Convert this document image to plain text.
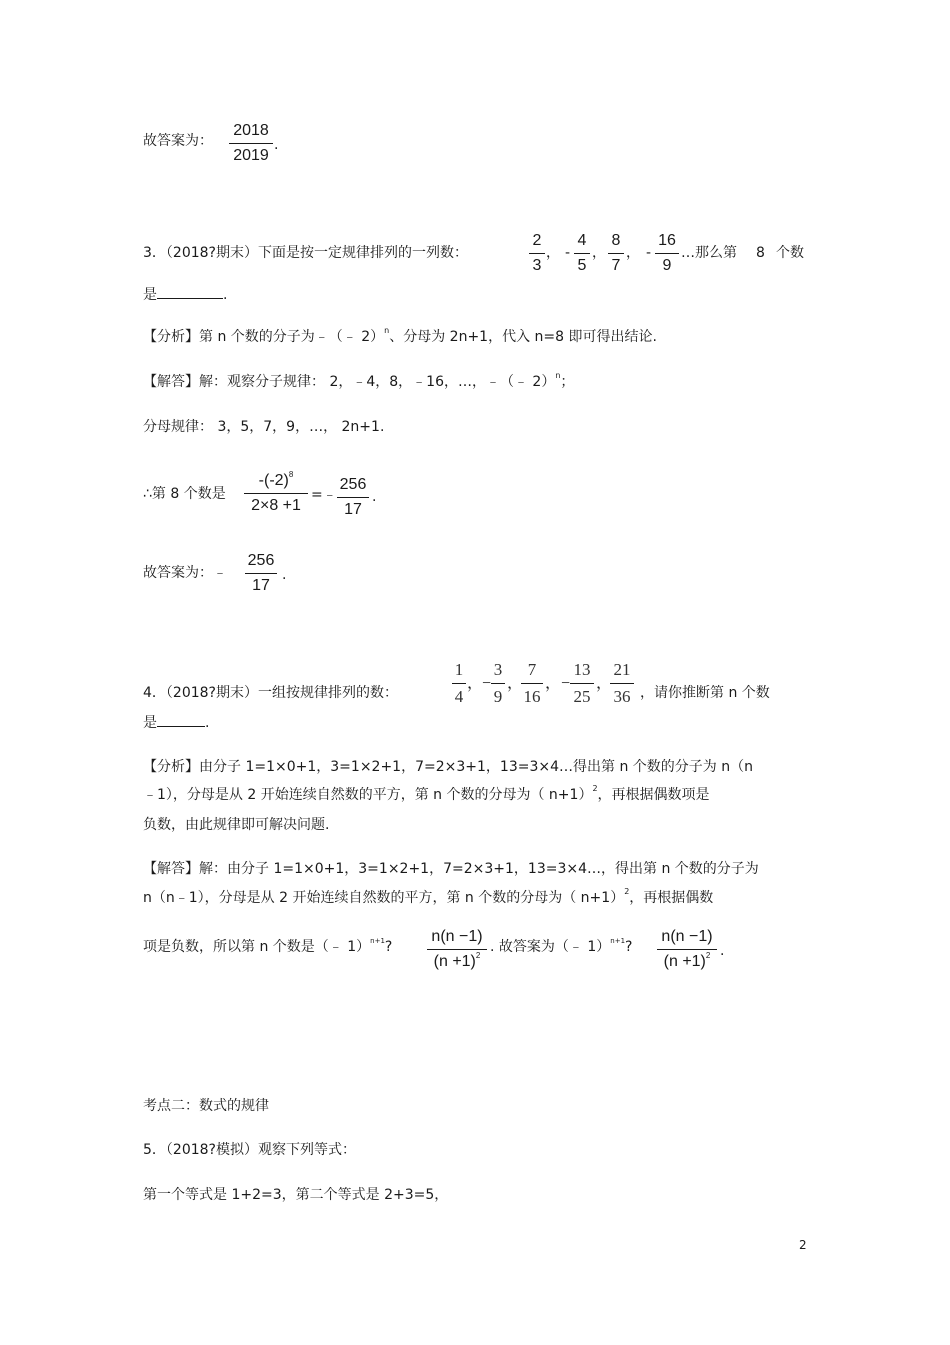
故答案为：
2018
2019
.
3．（2018?期末）下面是按一定规律排列的一列数：
2
3
， -
4
5
，
8
7
， -
16
9
…那么第 8 个数
是	.
【分析】第 n 个数的分子为﹣（﹣ 2）$^n$、分母为 2n+1，代入 n=8 即可得出结论.
【解答】解：观察分子规律： 2，﹣4，8，﹣16，…，﹣（﹣ 2）$^n$；
分母规律： 3，5，7，9，…， 2n+1.
∴第 8 个数是
$-(-2)^8$
2×8 +1
=﹣
256
17
.
故答案为：﹣
256
17
.
4．（2018?期末）一组按规律排列的数：
1
4
，
−
3
9
，
7
16
， −
13
25
，
21
36 ，请你推断第 n 个数
是	.
【分析】由分子 1=1×0+1，3=1×2+1，7=2×3+1，13=3×4…得出第 n 个数的分子为 n（n
﹣1），分母是从 2 开始连续自然数的平方，第 n 个数的分母为（ n+1）$^2$，再根据偶数项是
负数，由此规律即可解决问题.
【解答】解：由分子 1=1×0+1，3=1×2+1，7=2×3+1，13=3×4…，得出第 n 个数的分子为
n（n﹣1），分母是从 2 开始连续自然数的平方，第 n 个数的分母为（ n+1）$^2$，再根据偶数
项是负数，所以第 n 个数是（﹣ 1）$^{n+1}$?
n(n −1)
$(n +1)^2$
. 故答案为（﹣ 1）$^{n+1}$?
n(n −1)
$(n +1)^2$ .
考点二：数式的规律
5．（2018?模拟）观察下列等式：
第一个等式是 1+2=3，第二个等式是 2+3=5，
2
